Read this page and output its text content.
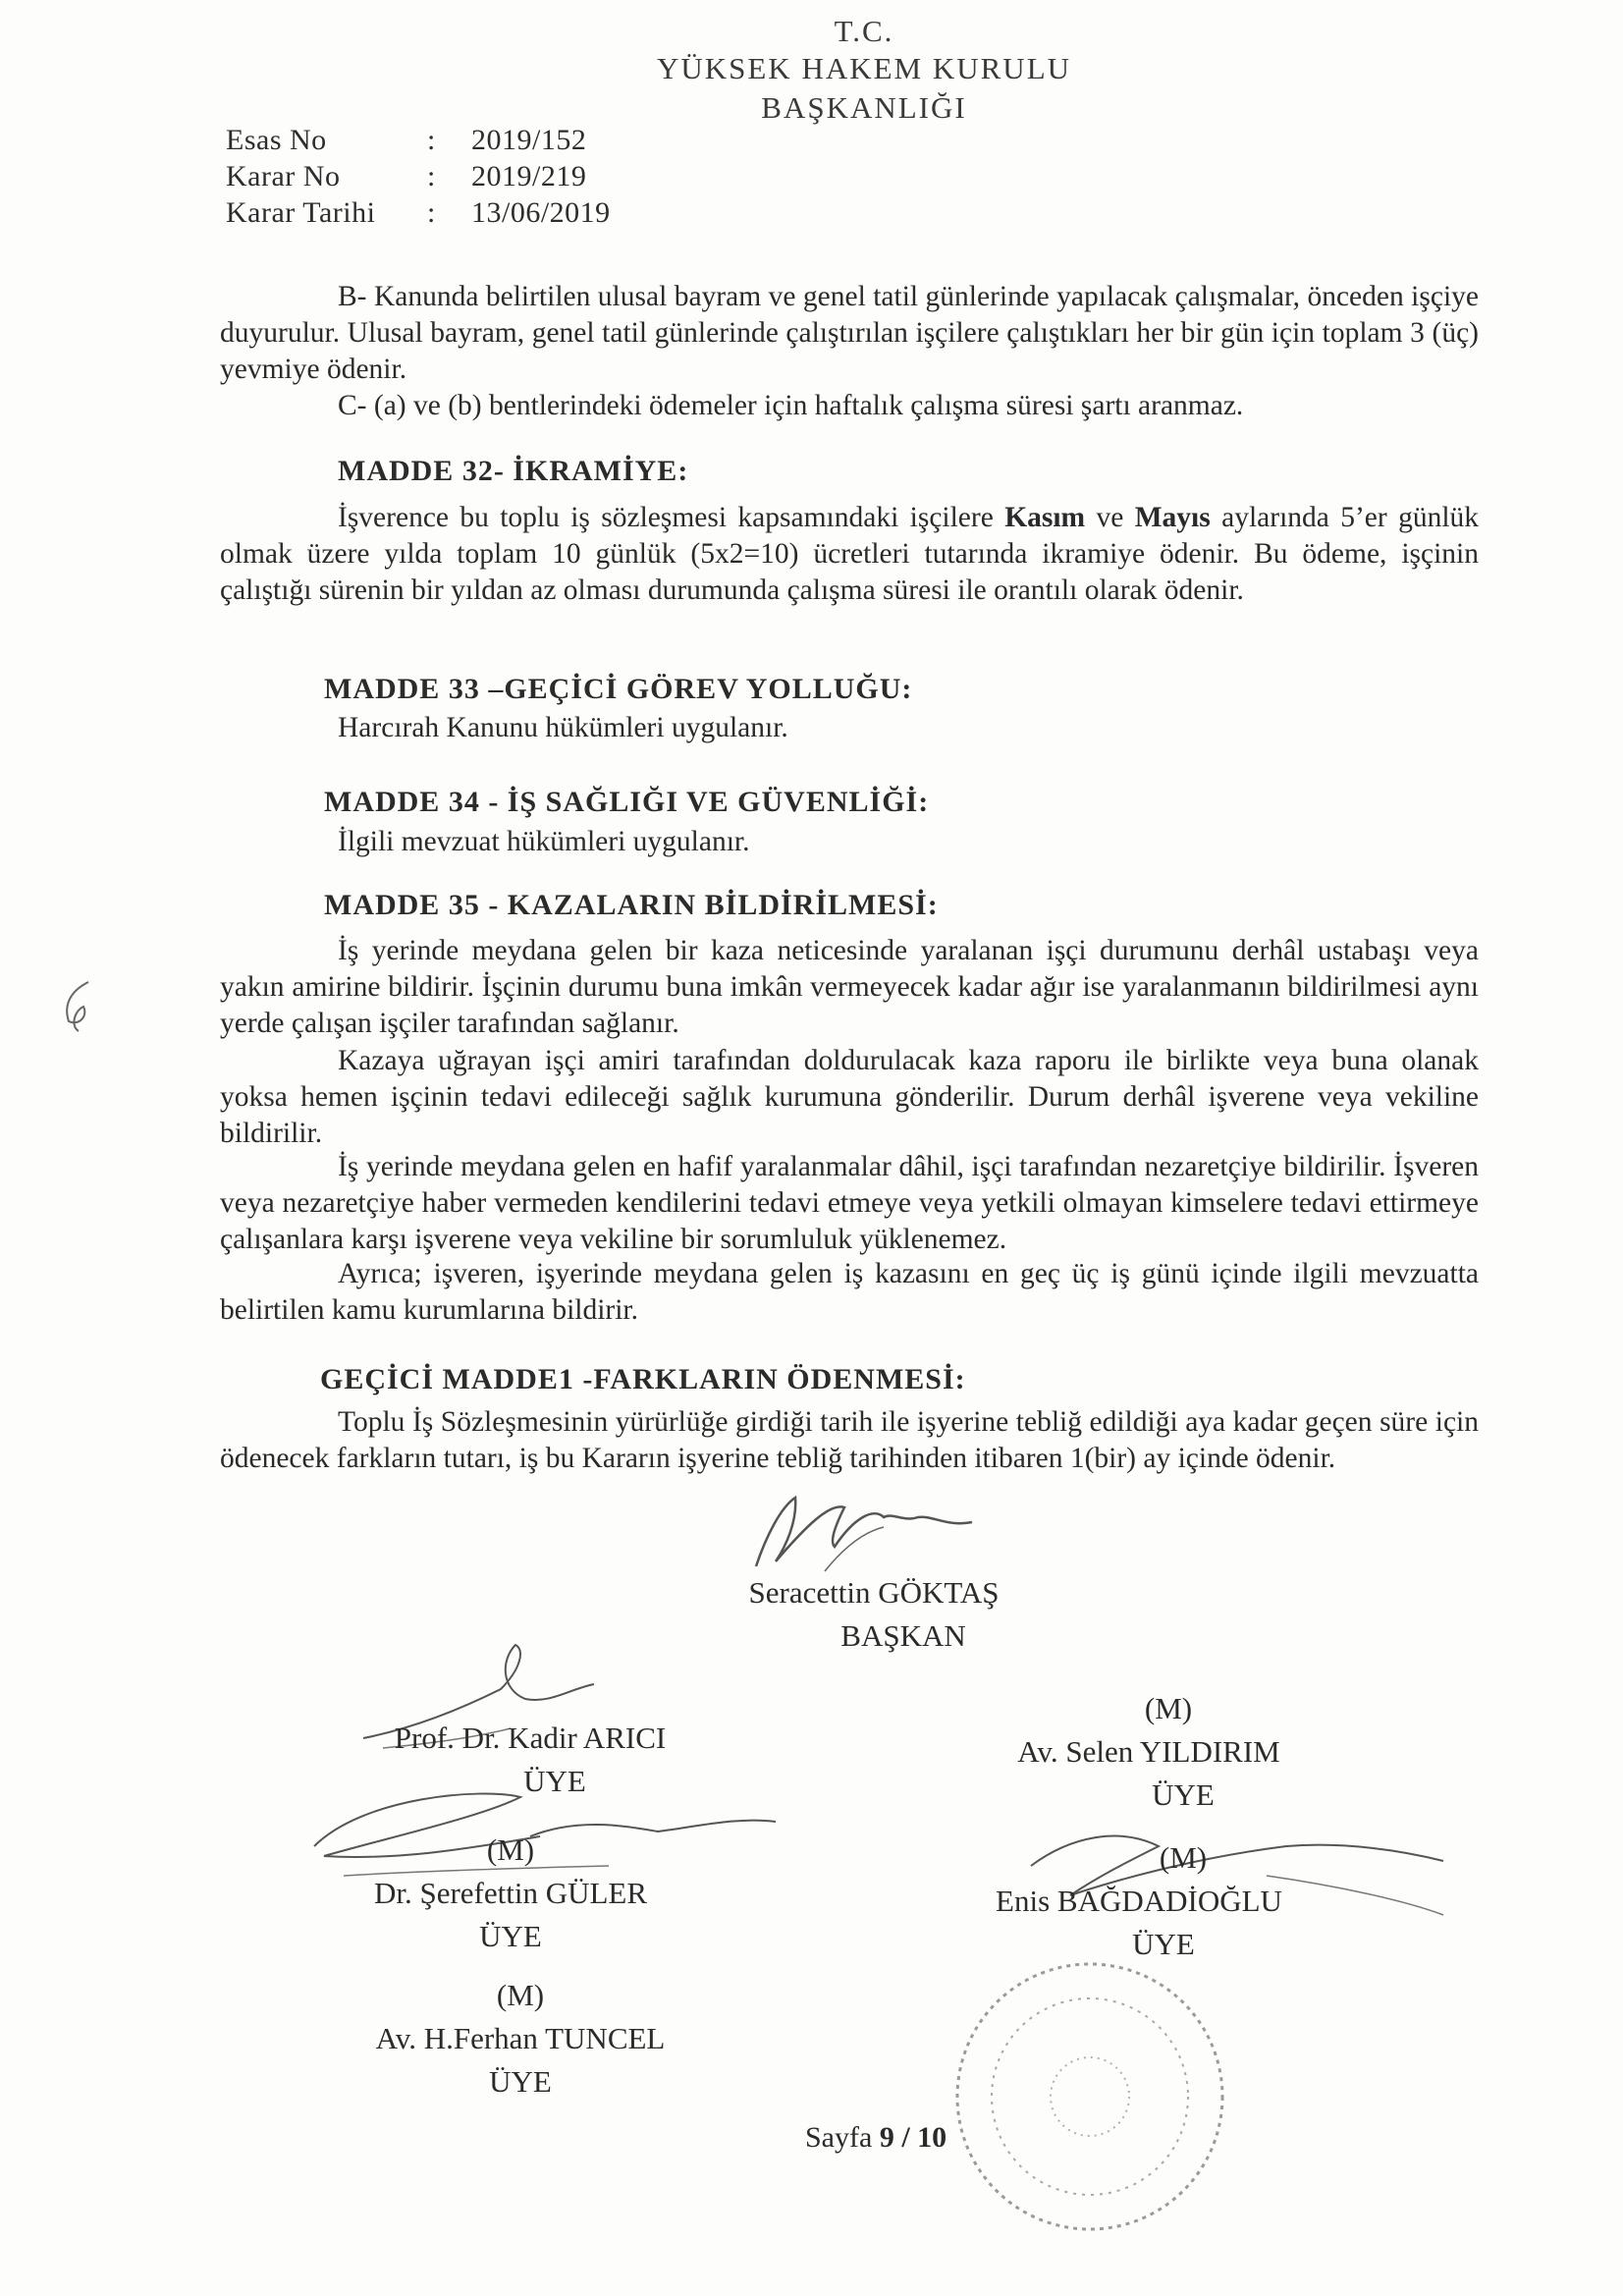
T.C.
YÜKSEK HAKEM KURULU
BAŞKANLIĞI
Esas No	: 2019/152
Karar No	: 2019/219
Karar Tarihi : 13/06/2019
B- Kanunda belirtilen ulusal bayram ve genel tatil günlerinde yapılacak çalışmalar, önceden işçiye duyurulur. Ulusal bayram, genel tatil günlerinde çalıştırılan işçilere çalıştıkları her bir gün için toplam 3 (üç) yevmiye ödenir.
C- (a) ve (b) bentlerindeki ödemeler için haftalık çalışma süresi şartı aranmaz.
MADDE 32- İKRAMİYE:
İşverence bu toplu iş sözleşmesi kapsamındaki işçilere Kasım ve Mayıs aylarında 5’er günlük olmak üzere yılda toplam 10 günlük (5x2=10) ücretleri tutarında ikramiye ödenir. Bu ödeme, işçinin çalıştığı sürenin bir yıldan az olması durumunda çalışma süresi ile orantılı olarak ödenir.
MADDE 33 –GEÇİCİ GÖREV YOLLUĞU:
Harcırah Kanunu hükümleri uygulanır.
MADDE 34 - İŞ SAĞLIĞI VE GÜVENLİĞİ:
İlgili mevzuat hükümleri uygulanır.
MADDE 35 - KAZALARIN BİLDİRİLMESİ:
İş yerinde meydana gelen bir kaza neticesinde yaralanan işçi durumunu derhâl ustabaşı veya yakın amirine bildirir. İşçinin durumu buna imkân vermeyecek kadar ağır ise yaralanmanın bildirilmesi aynı yerde çalışan işçiler tarafından sağlanır.
Kazaya uğrayan işçi amiri tarafından doldurulacak kaza raporu ile birlikte veya buna olanak yoksa hemen işçinin tedavi edileceği sağlık kurumuna gönderilir. Durum derhâl işverene veya vekiline bildirilir.
İş yerinde meydana gelen en hafif yaralanmalar dâhil, işçi tarafından nezaretçiye bildirilir. İşveren veya nezaretçiye haber vermeden kendilerini tedavi etmeye veya yetkili olmayan kimselere tedavi ettirmeye çalışanlara karşı işverene veya vekiline bir sorumluluk yüklenemez.
Ayrıca; işveren, işyerinde meydana gelen iş kazasını en geç üç iş günü içinde ilgili mevzuatta belirtilen kamu kurumlarına bildirir.
GEÇİCİ MADDE1 -FARKLARIN ÖDENMESİ:
Toplu İş Sözleşmesinin yürürlüğe girdiği tarih ile işyerine tebliğ edildiği aya kadar geçen süre için ödenecek farkların tutarı, iş bu Kararın işyerine tebliğ tarihinden itibaren 1(bir) ay içinde ödenir.
Seracettin GÖKTAŞ
BAŞKAN
Prof. Dr. Kadir ARICI
ÜYE
(M)
Av. Selen YILDIRIM
ÜYE
(M)
Dr. Şerefettin GÜLER
ÜYE
(M)
Enis BAĞDADİOĞLU
ÜYE
(M)
Av. H.Ferhan TUNCEL
ÜYE
Sayfa 9 / 10
